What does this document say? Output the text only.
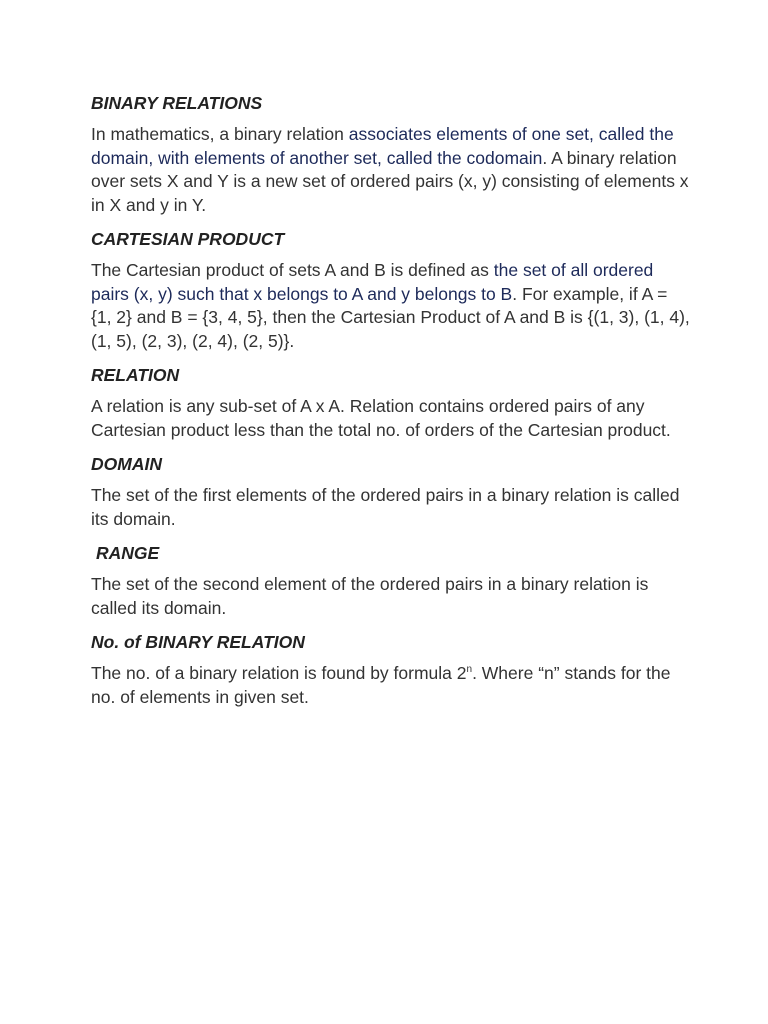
BINARY RELATIONS

In mathematics, a binary relation associates elements of one set, called the domain, with elements of another set, called the codomain. A binary relation over sets X and Y is a new set of ordered pairs (x, y) consisting of elements x in X and y in Y.

CARTESIAN PRODUCT

The Cartesian product of sets A and B is defined as the set of all ordered pairs (x, y) such that x belongs to A and y belongs to B. For example, if A = {1, 2} and B = {3, 4, 5}, then the Cartesian Product of A and B is {(1, 3), (1, 4), (1, 5), (2, 3), (2, 4), (2, 5)}.

RELATION

A relation is any sub-set of A x A. Relation contains ordered pairs of any Cartesian product less than the total no. of orders of the Cartesian product.

DOMAIN

The set of the first elements of the ordered pairs in a binary relation is called its domain.

RANGE

The set of the second element of the ordered pairs in a binary relation is called its domain.

No. of BINARY RELATION

The no. of a binary relation is found by formula 2$^n$. Where “n” stands for the no. of elements in given set.
